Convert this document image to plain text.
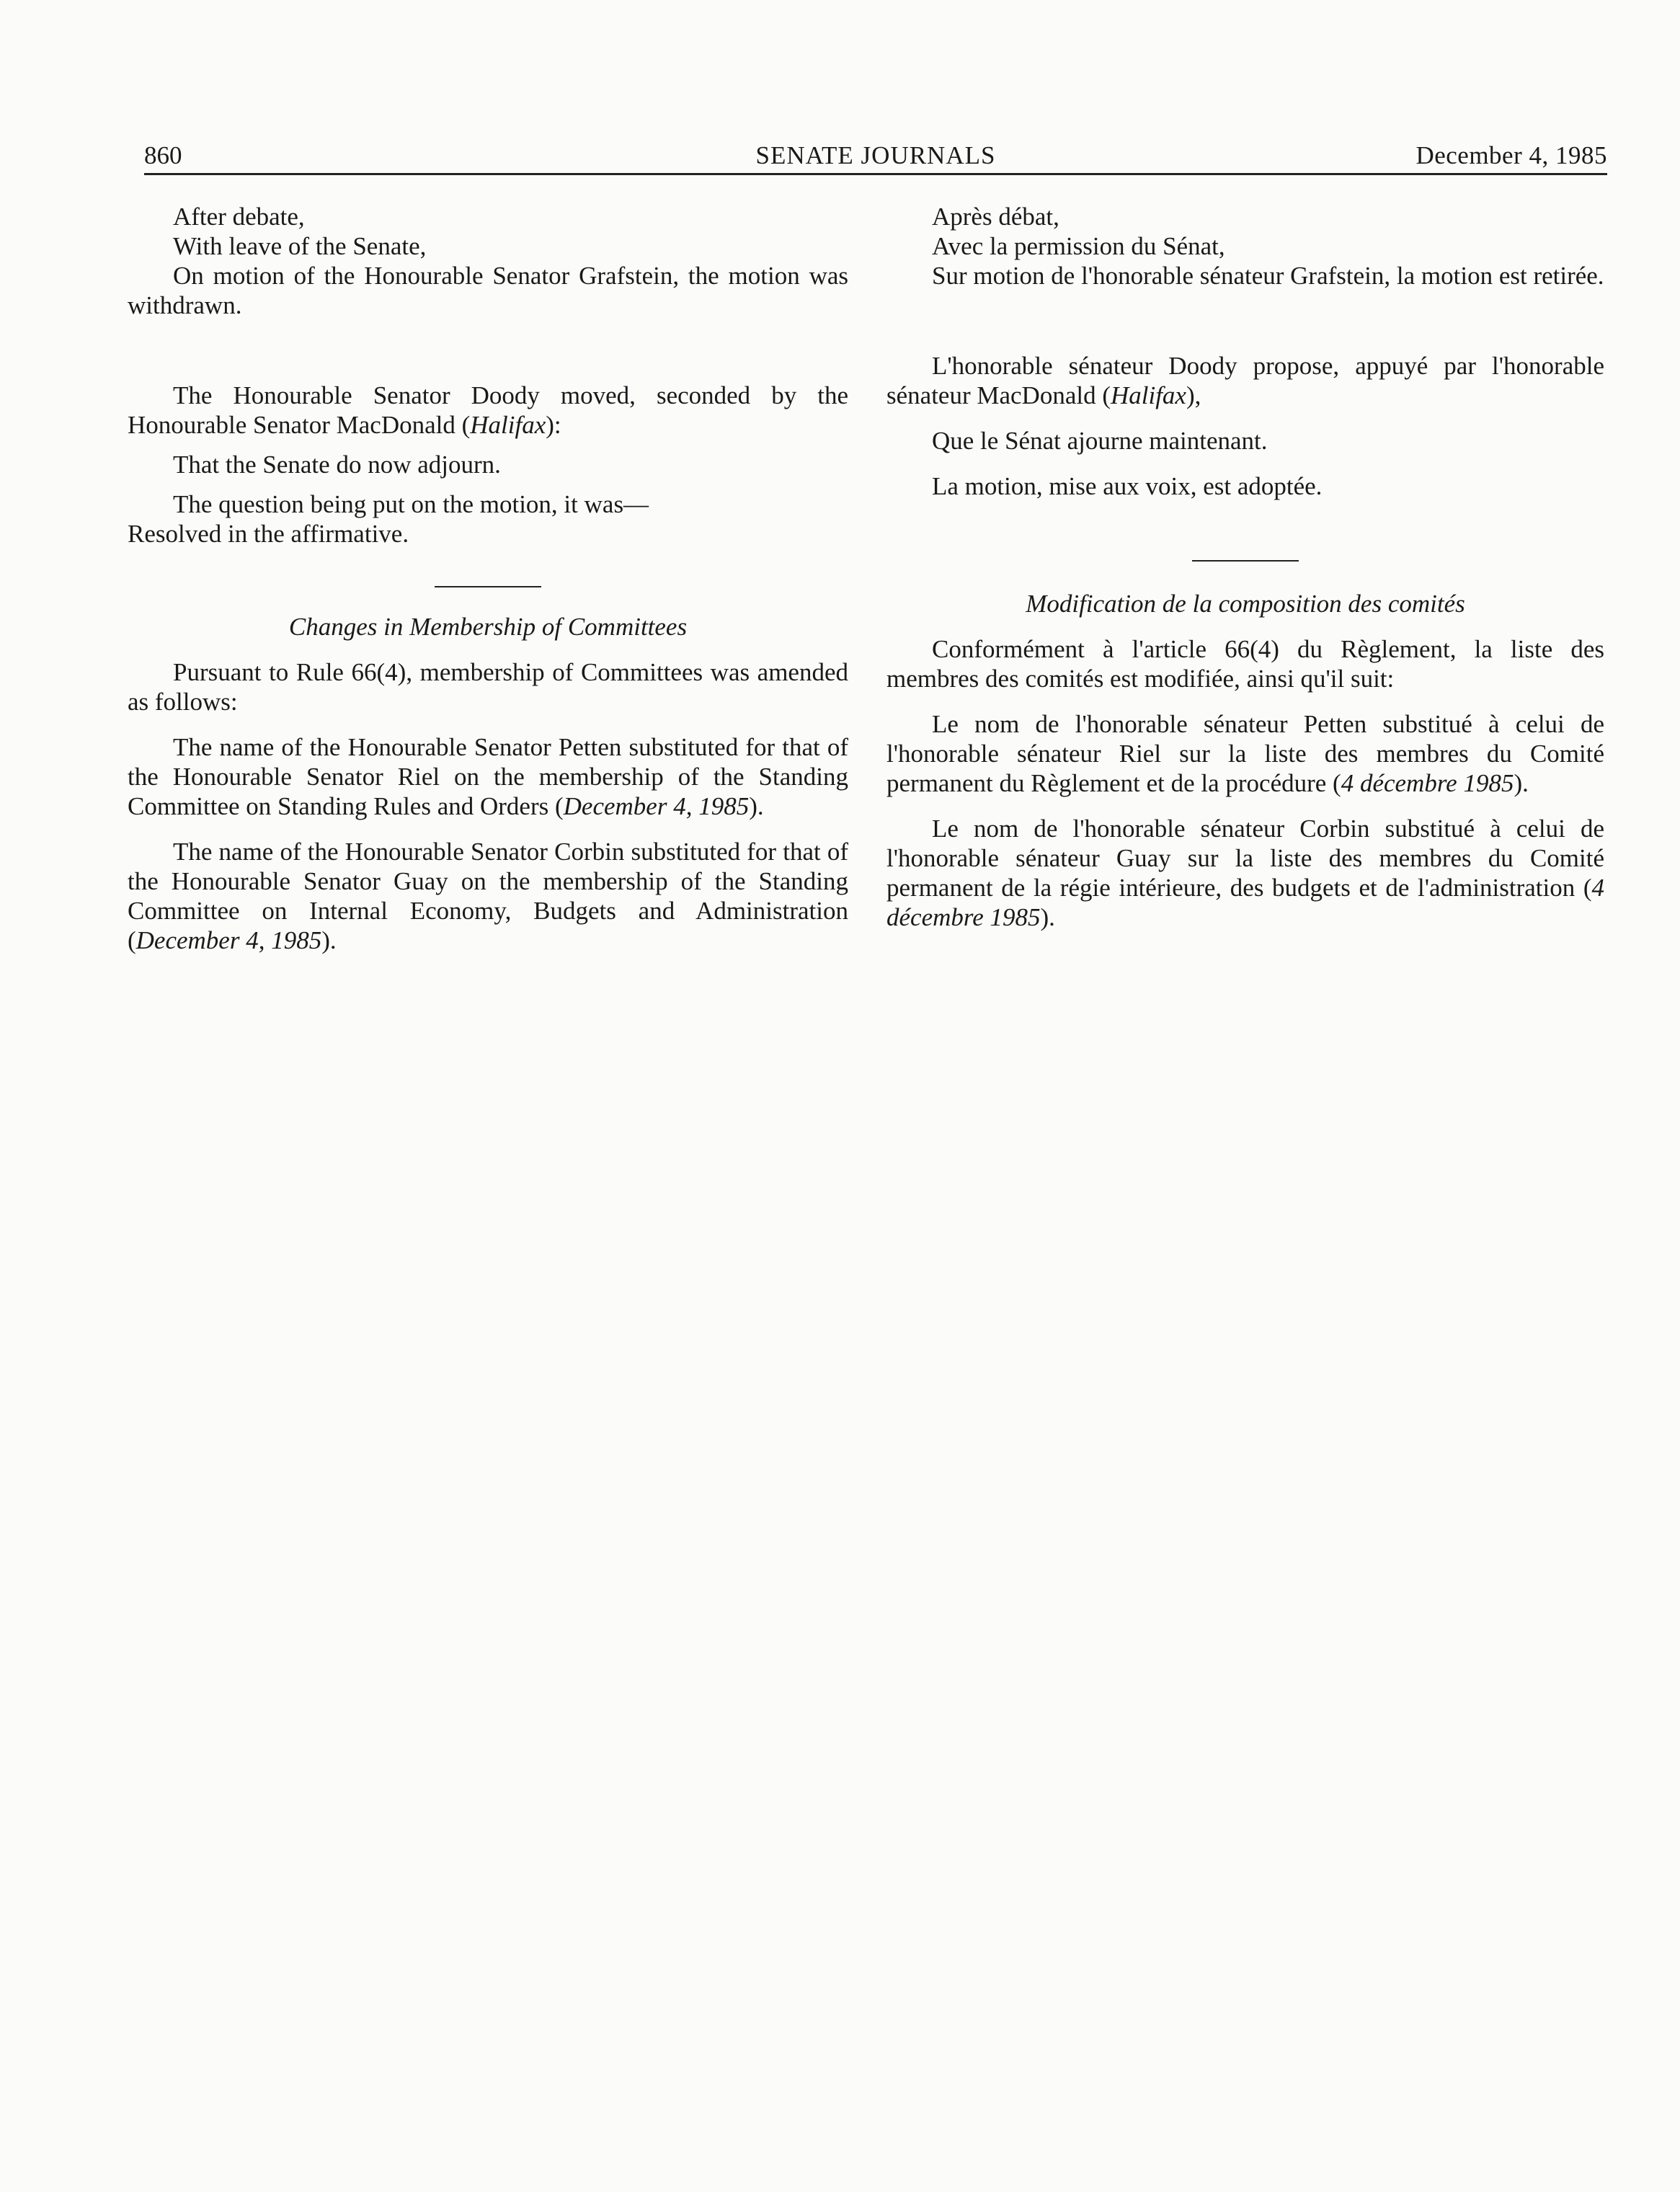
860	SENATE JOURNALS	December 4, 1985
After debate,
With leave of the Senate,

On motion of the Honourable Senator Grafstein, the motion was withdrawn.

The Honourable Senator Doody moved, seconded by the Honourable Senator MacDonald (Halifax):

That the Senate do now adjourn.

The question being put on the motion, it was—

Resolved in the affirmative.

Changes in Membership of Committees

Pursuant to Rule 66(4), membership of Committees was amended as follows:

The name of the Honourable Senator Petten substituted for that of the Honourable Senator Riel on the membership of the Standing Committee on Standing Rules and Orders (December 4, 1985).

The name of the Honourable Senator Corbin substituted for that of the Honourable Senator Guay on the membership of the Standing Committee on Internal Economy, Budgets and Administration (December 4, 1985).

Après débat,
Avec la permission du Sénat,

Sur motion de l'honorable sénateur Grafstein, la motion est retirée.

L'honorable sénateur Doody propose, appuyé par l'honorable sénateur MacDonald (Halifax),

Que le Sénat ajourne maintenant.

La motion, mise aux voix, est adoptée.

Modification de la composition des comités

Conformément à l'article 66(4) du Règlement, la liste des membres des comités est modifiée, ainsi qu'il suit:

Le nom de l'honorable sénateur Petten substitué à celui de l'honorable sénateur Riel sur la liste des membres du Comité permanent du Règlement et de la procédure (4 décembre 1985).

Le nom de l'honorable sénateur Corbin substitué à celui de l'honorable sénateur Guay sur la liste des membres du Comité permanent de la régie intérieure, des budgets et de l'administration (4 décembre 1985).
